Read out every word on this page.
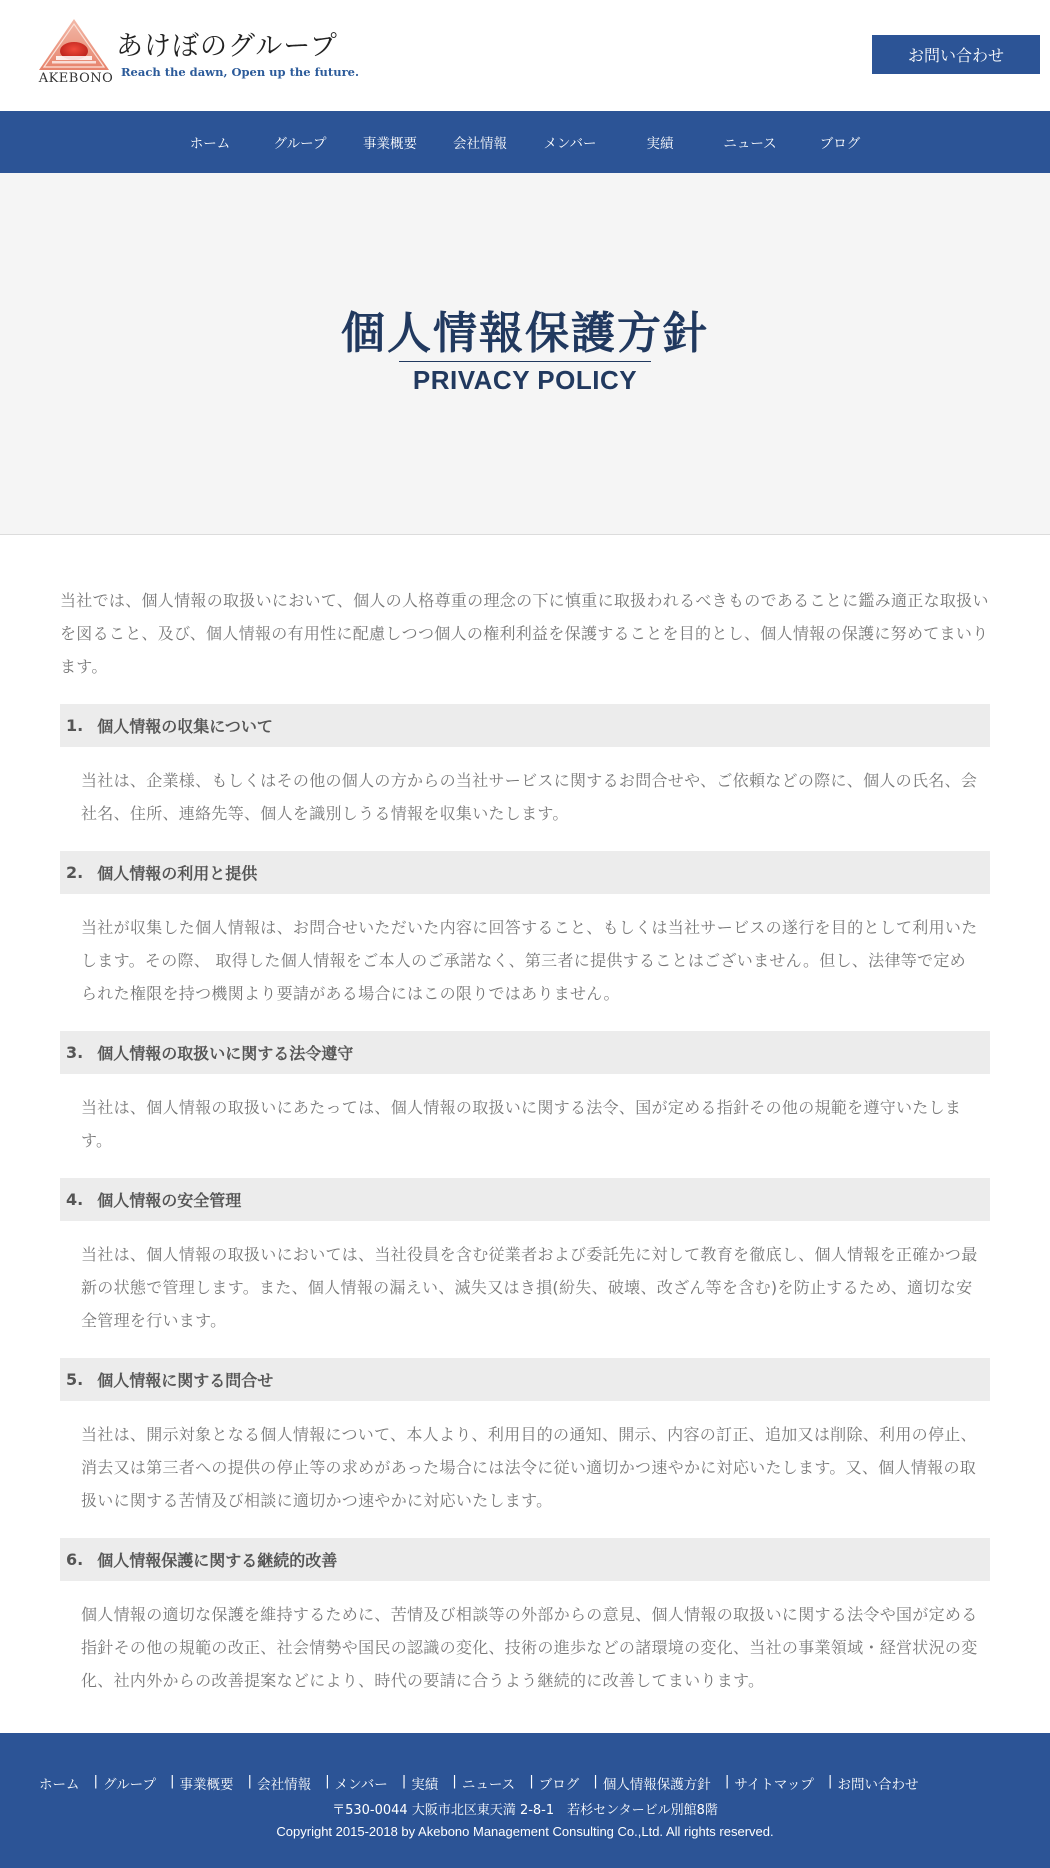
AKEBONO
あけぼのグループ
Reach the dawn, Open up the future.
お問い合わせ
ホーム	グループ	事業概要	会社情報	メンバー	実績	ニュース	ブログ
個人情報保護方針
PRIVACY POLICY

当社では、個人情報の取扱いにおいて、個人の人格尊重の理念の下に慎重に取扱われるべきものであることに鑑み適正な取扱いを図ること、及び、個人情報の有用性に配慮しつつ個人の権利利益を保護することを目的とし、個人情報の保護に努めてまいります。

1. 個人情報の収集について

当社は、企業様、もしくはその他の個人の方からの当社サービスに関するお問合せや、ご依頼などの際に、個人の氏名、会社名、住所、連絡先等、個人を識別しうる情報を収集いたします。

2. 個人情報の利用と提供

当社が収集した個人情報は、お問合せいただいた内容に回答すること、もしくは当社サービスの遂行を目的として利用いたします。その際、 取得した個人情報をご本人のご承諾なく、第三者に提供することはございません。但し、法律等で定められた権限を持つ機関より要請がある場合にはこの限りではありません。

3. 個人情報の取扱いに関する法令遵守

当社は、個人情報の取扱いにあたっては、個人情報の取扱いに関する法令、国が定める指針その他の規範を遵守いたします。

4. 個人情報の安全管理

当社は、個人情報の取扱いにおいては、当社役員を含む従業者および委託先に対して教育を徹底し、個人情報を正確かつ最新の状態で管理します。また、個人情報の漏えい、滅失又はき損(紛失、破壊、改ざん等を含む)を防止するため、適切な安全管理を行います。

5. 個人情報に関する問合せ

当社は、開示対象となる個人情報について、本人より、利用目的の通知、開示、内容の訂正、追加又は削除、利用の停止、消去又は第三者への提供の停止等の求めがあった場合には法令に従い適切かつ速やかに対応いたします。又、個人情報の取扱いに関する苦情及び相談に適切かつ速やかに対応いたします。

6. 個人情報保護に関する継続的改善

個人情報の適切な保護を維持するために、苦情及び相談等の外部からの意見、個人情報の取扱いに関する法令や国が定める指針その他の規範の改正、社会情勢や国民の認識の変化、技術の進歩などの諸環境の変化、当社の事業領域・経営状況の変化、社内外からの改善提案などにより、時代の要請に合うよう継続的に改善してまいります。

ホーム | グループ | 事業概要 | 会社情報 | メンバー | 実績 | ニュース | ブログ | 個人情報保護方針 | サイトマップ | お問い合わせ
〒530-0044 大阪市北区東天満 2-8-1　若杉センタービル別館8階
Copyright 2015-2018 by Akebono Management Consulting Co.,Ltd. All rights reserved.
